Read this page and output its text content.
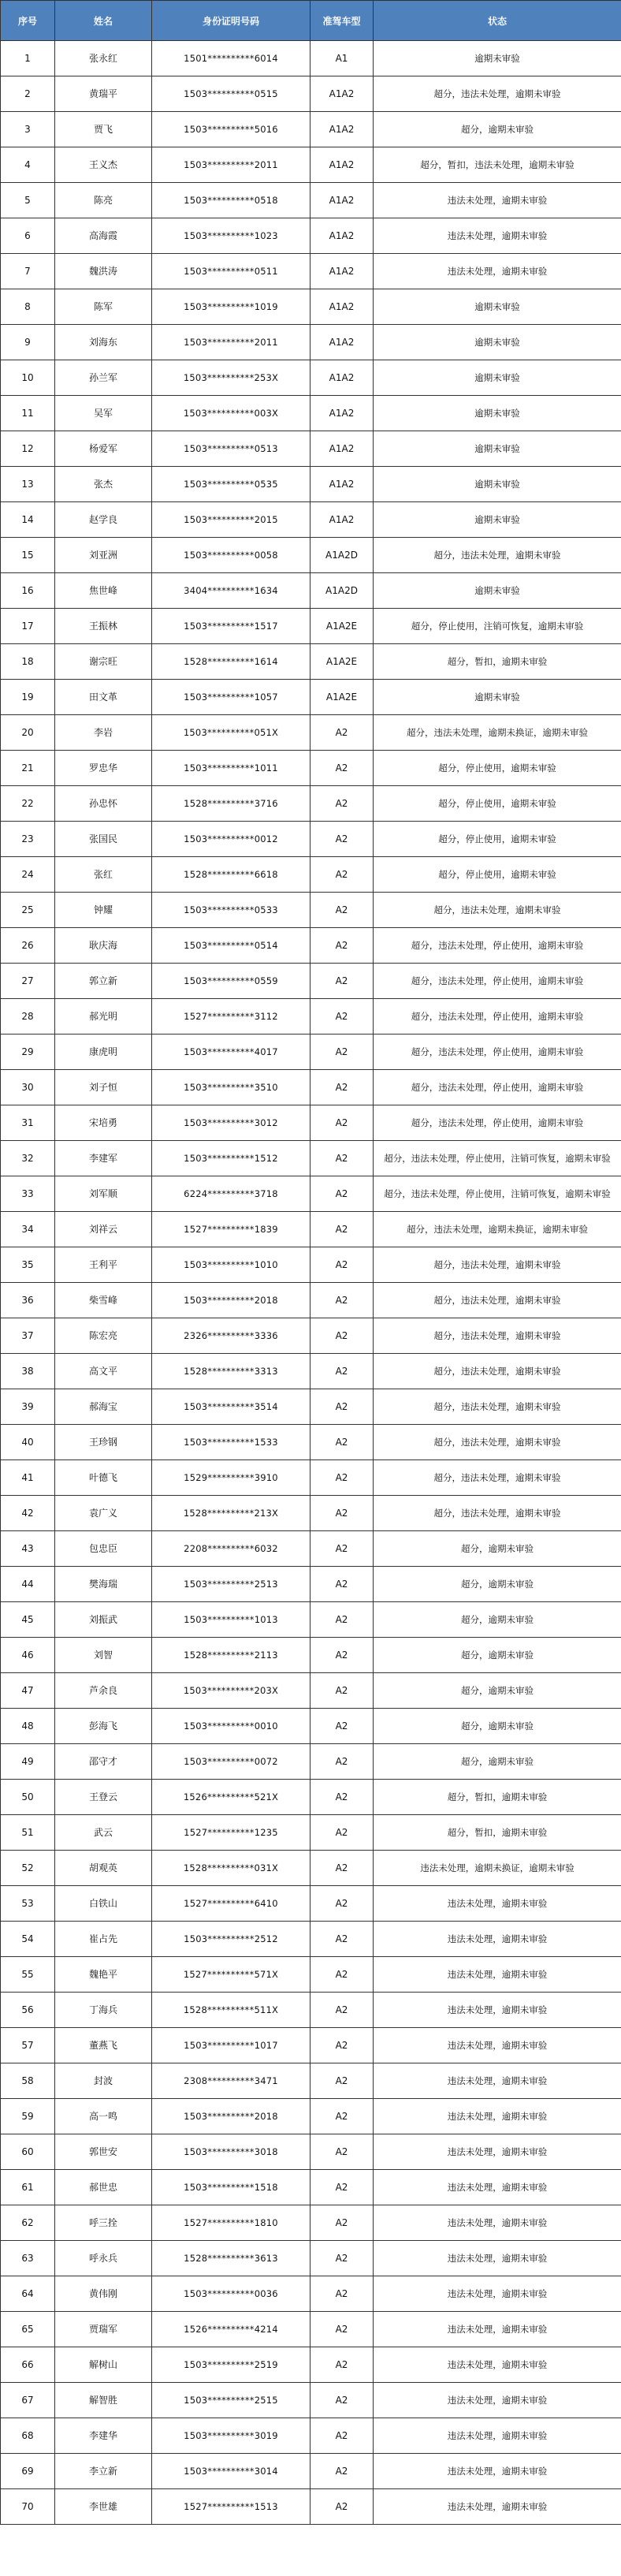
序号	姓名	身份证明号码	准驾车型	状态
1	张永红	1501**********6014	A1	逾期未审验
2	黄瑞平	1503**********0515	A1A2	超分，违法未处理，逾期未审验
3	贾飞	1503**********5016	A1A2	超分，逾期未审验
4	王义杰	1503**********2011	A1A2	超分，暂扣，违法未处理，逾期未审验
5	陈亮	1503**********0518	A1A2	违法未处理，逾期未审验
6	高海霞	1503**********1023	A1A2	违法未处理，逾期未审验
7	魏洪涛	1503**********0511	A1A2	违法未处理，逾期未审验
8	陈军	1503**********1019	A1A2	逾期未审验
9	刘海东	1503**********2011	A1A2	逾期未审验
10	孙兰军	1503**********253X	A1A2	逾期未审验
11	吴军	1503**********003X	A1A2	逾期未审验
12	杨爱军	1503**********0513	A1A2	逾期未审验
13	张杰	1503**********0535	A1A2	逾期未审验
14	赵学良	1503**********2015	A1A2	逾期未审验
15	刘亚洲	1503**********0058	A1A2D	超分，违法未处理，逾期未审验
16	焦世峰	3404**********1634	A1A2D	逾期未审验
17	王振林	1503**********1517	A1A2E	超分，停止使用，注销可恢复，逾期未审验
18	谢宗旺	1528**********1614	A1A2E	超分，暂扣，逾期未审验
19	田文革	1503**********1057	A1A2E	逾期未审验
20	李岩	1503**********051X	A2	超分，违法未处理，逾期未换证，逾期未审验
21	罗忠华	1503**********1011	A2	超分，停止使用，逾期未审验
22	孙忠怀	1528**********3716	A2	超分，停止使用，逾期未审验
23	张国民	1503**********0012	A2	超分，停止使用，逾期未审验
24	张红	1528**********6618	A2	超分，停止使用，逾期未审验
25	钟耀	1503**********0533	A2	超分，违法未处理，逾期未审验
26	耿庆海	1503**********0514	A2	超分，违法未处理，停止使用，逾期未审验
27	郭立新	1503**********0559	A2	超分，违法未处理，停止使用，逾期未审验
28	郝光明	1527**********3112	A2	超分，违法未处理，停止使用，逾期未审验
29	康虎明	1503**********4017	A2	超分，违法未处理，停止使用，逾期未审验
30	刘子恒	1503**********3510	A2	超分，违法未处理，停止使用，逾期未审验
31	宋培勇	1503**********3012	A2	超分，违法未处理，停止使用，逾期未审验
32	李建军	1503**********1512	A2	超分，违法未处理，停止使用，注销可恢复，逾期未审验
33	刘军顺	6224**********3718	A2	超分，违法未处理，停止使用，注销可恢复，逾期未审验
34	刘祥云	1527**********1839	A2	超分，违法未处理，逾期未换证，逾期未审验
35	王利平	1503**********1010	A2	超分，违法未处理，逾期未审验
36	柴雪峰	1503**********2018	A2	超分，违法未处理，逾期未审验
37	陈宏亮	2326**********3336	A2	超分，违法未处理，逾期未审验
38	高文平	1528**********3313	A2	超分，违法未处理，逾期未审验
39	郝海宝	1503**********3514	A2	超分，违法未处理，逾期未审验
40	王珍钢	1503**********1533	A2	超分，违法未处理，逾期未审验
41	叶德飞	1529**********3910	A2	超分，违法未处理，逾期未审验
42	袁广义	1528**********213X	A2	超分，违法未处理，逾期未审验
43	包忠臣	2208**********6032	A2	超分，逾期未审验
44	樊海瑞	1503**********2513	A2	超分，逾期未审验
45	刘振武	1503**********1013	A2	超分，逾期未审验
46	刘智	1528**********2113	A2	超分，逾期未审验
47	芦余良	1503**********203X	A2	超分，逾期未审验
48	彭海飞	1503**********0010	A2	超分，逾期未审验
49	邵守才	1503**********0072	A2	超分，逾期未审验
50	王登云	1526**********521X	A2	超分，暂扣，逾期未审验
51	武云	1527**********1235	A2	超分，暂扣，逾期未审验
52	胡观英	1528**********031X	A2	违法未处理，逾期未换证，逾期未审验
53	白铁山	1527**********6410	A2	违法未处理，逾期未审验
54	崔占先	1503**********2512	A2	违法未处理，逾期未审验
55	魏艳平	1527**********571X	A2	违法未处理，逾期未审验
56	丁海兵	1528**********511X	A2	违法未处理，逾期未审验
57	董燕飞	1503**********1017	A2	违法未处理，逾期未审验
58	封波	2308**********3471	A2	违法未处理，逾期未审验
59	高一鸣	1503**********2018	A2	违法未处理，逾期未审验
60	郭世安	1503**********3018	A2	违法未处理，逾期未审验
61	郝世忠	1503**********1518	A2	违法未处理，逾期未审验
62	呼三拴	1527**********1810	A2	违法未处理，逾期未审验
63	呼永兵	1528**********3613	A2	违法未处理，逾期未审验
64	黄伟刚	1503**********0036	A2	违法未处理，逾期未审验
65	贾瑞军	1526**********4214	A2	违法未处理，逾期未审验
66	解树山	1503**********2519	A2	违法未处理，逾期未审验
67	解智胜	1503**********2515	A2	违法未处理，逾期未审验
68	李建华	1503**********3019	A2	违法未处理，逾期未审验
69	李立新	1503**********3014	A2	违法未处理，逾期未审验
70	李世雄	1527**********1513	A2	违法未处理，逾期未审验
